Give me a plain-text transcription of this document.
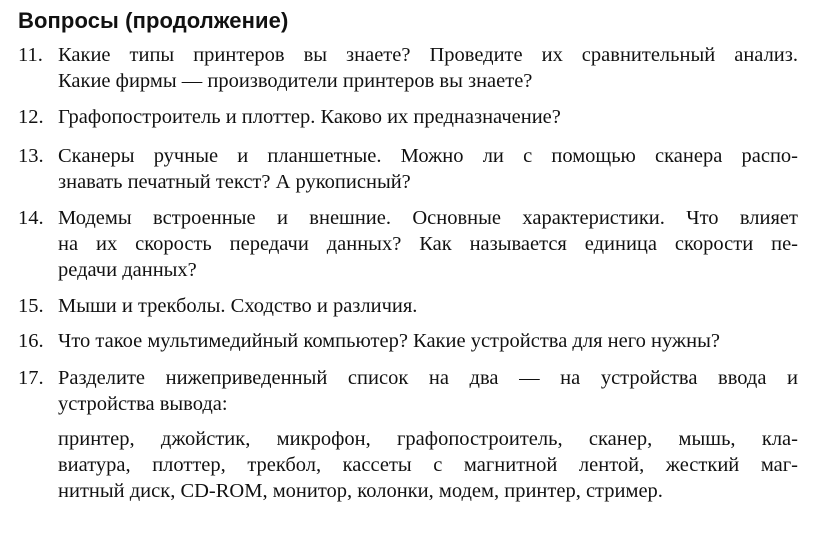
Вопросы (продолжение)
11. Какие типы принтеров вы знаете? Проведите их сравнительный анализ.
Какие фирмы — производители принтеров вы знаете?
12. Графопостроитель и плоттер. Каково их предназначение?
13. Сканеры ручные и планшетные. Можно ли с помощью сканера распо-
знавать печатный текст? А рукописный?
14. Модемы встроенные и внешние. Основные характеристики. Что влияет
на их скорость передачи данных? Как называется единица скорости пе-
редачи данных?
15. Мыши и трекболы. Сходство и различия.
16. Что такое мультимедийный компьютер? Какие устройства для него нужны?
17. Разделите нижеприведенный список на два — на устройства ввода и
устройства вывода:
принтер, джойстик, микрофон, графопостроитель, сканер, мышь, кла-
виатура, плоттер, трекбол, кассеты с магнитной лентой, жесткий маг-
нитный диск, CD-ROM, монитор, колонки, модем, принтер, стример.
